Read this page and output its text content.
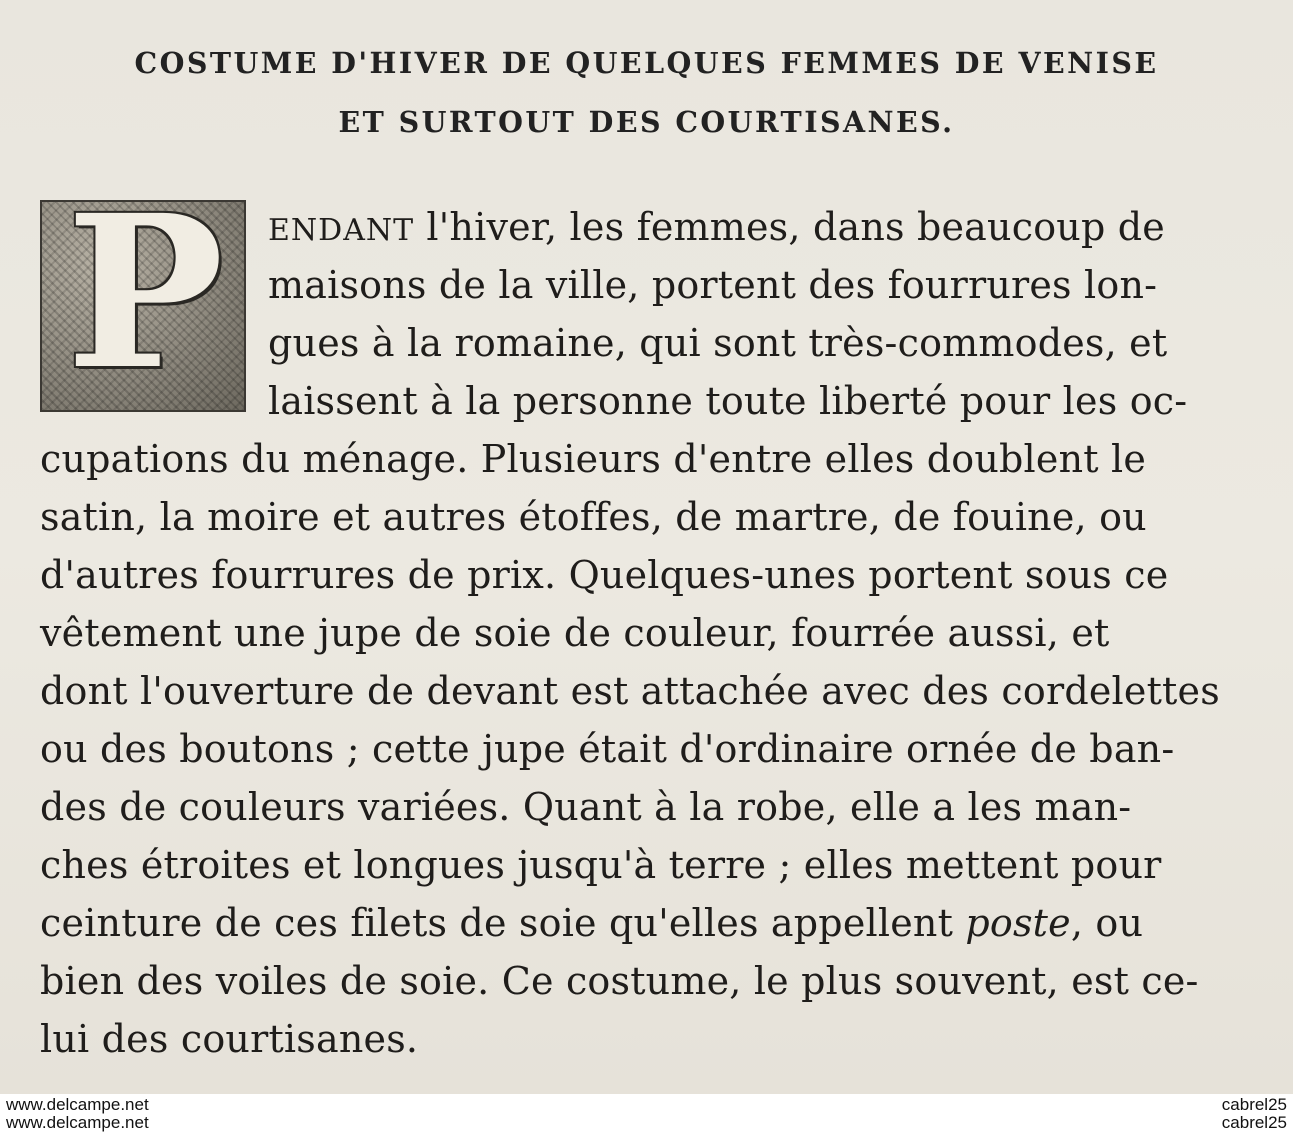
COSTUME D'HIVER DE QUELQUES FEMMES DE VENISE
ET SURTOUT DES COURTISANES.
P	ENDANT l'hiver, les femmes, dans beaucoup de
maisons de la ville, portent des fourrures lon-
gues à la romaine, qui sont très-commodes, et
laissent à la personne toute liberté pour les oc-
cupations du ménage. Plusieurs d'entre elles doublent le
satin, la moire et autres étoffes, de martre, de fouine, ou
d'autres fourrures de prix. Quelques-unes portent sous ce
vêtement une jupe de soie de couleur, fourrée aussi, et
dont l'ouverture de devant est attachée avec des cordelettes
ou des boutons ; cette jupe était d'ordinaire ornée de ban-
des de couleurs variées. Quant à la robe, elle a les man-
ches étroites et longues jusqu'à terre ; elles mettent pour
ceinture de ces filets de soie qu'elles appellent poste, ou
bien des voiles de soie. Ce costume, le plus souvent, est ce-
lui des courtisanes.
www.delcampe.net
www.delcampe.net
cabrel25
cabrel25
